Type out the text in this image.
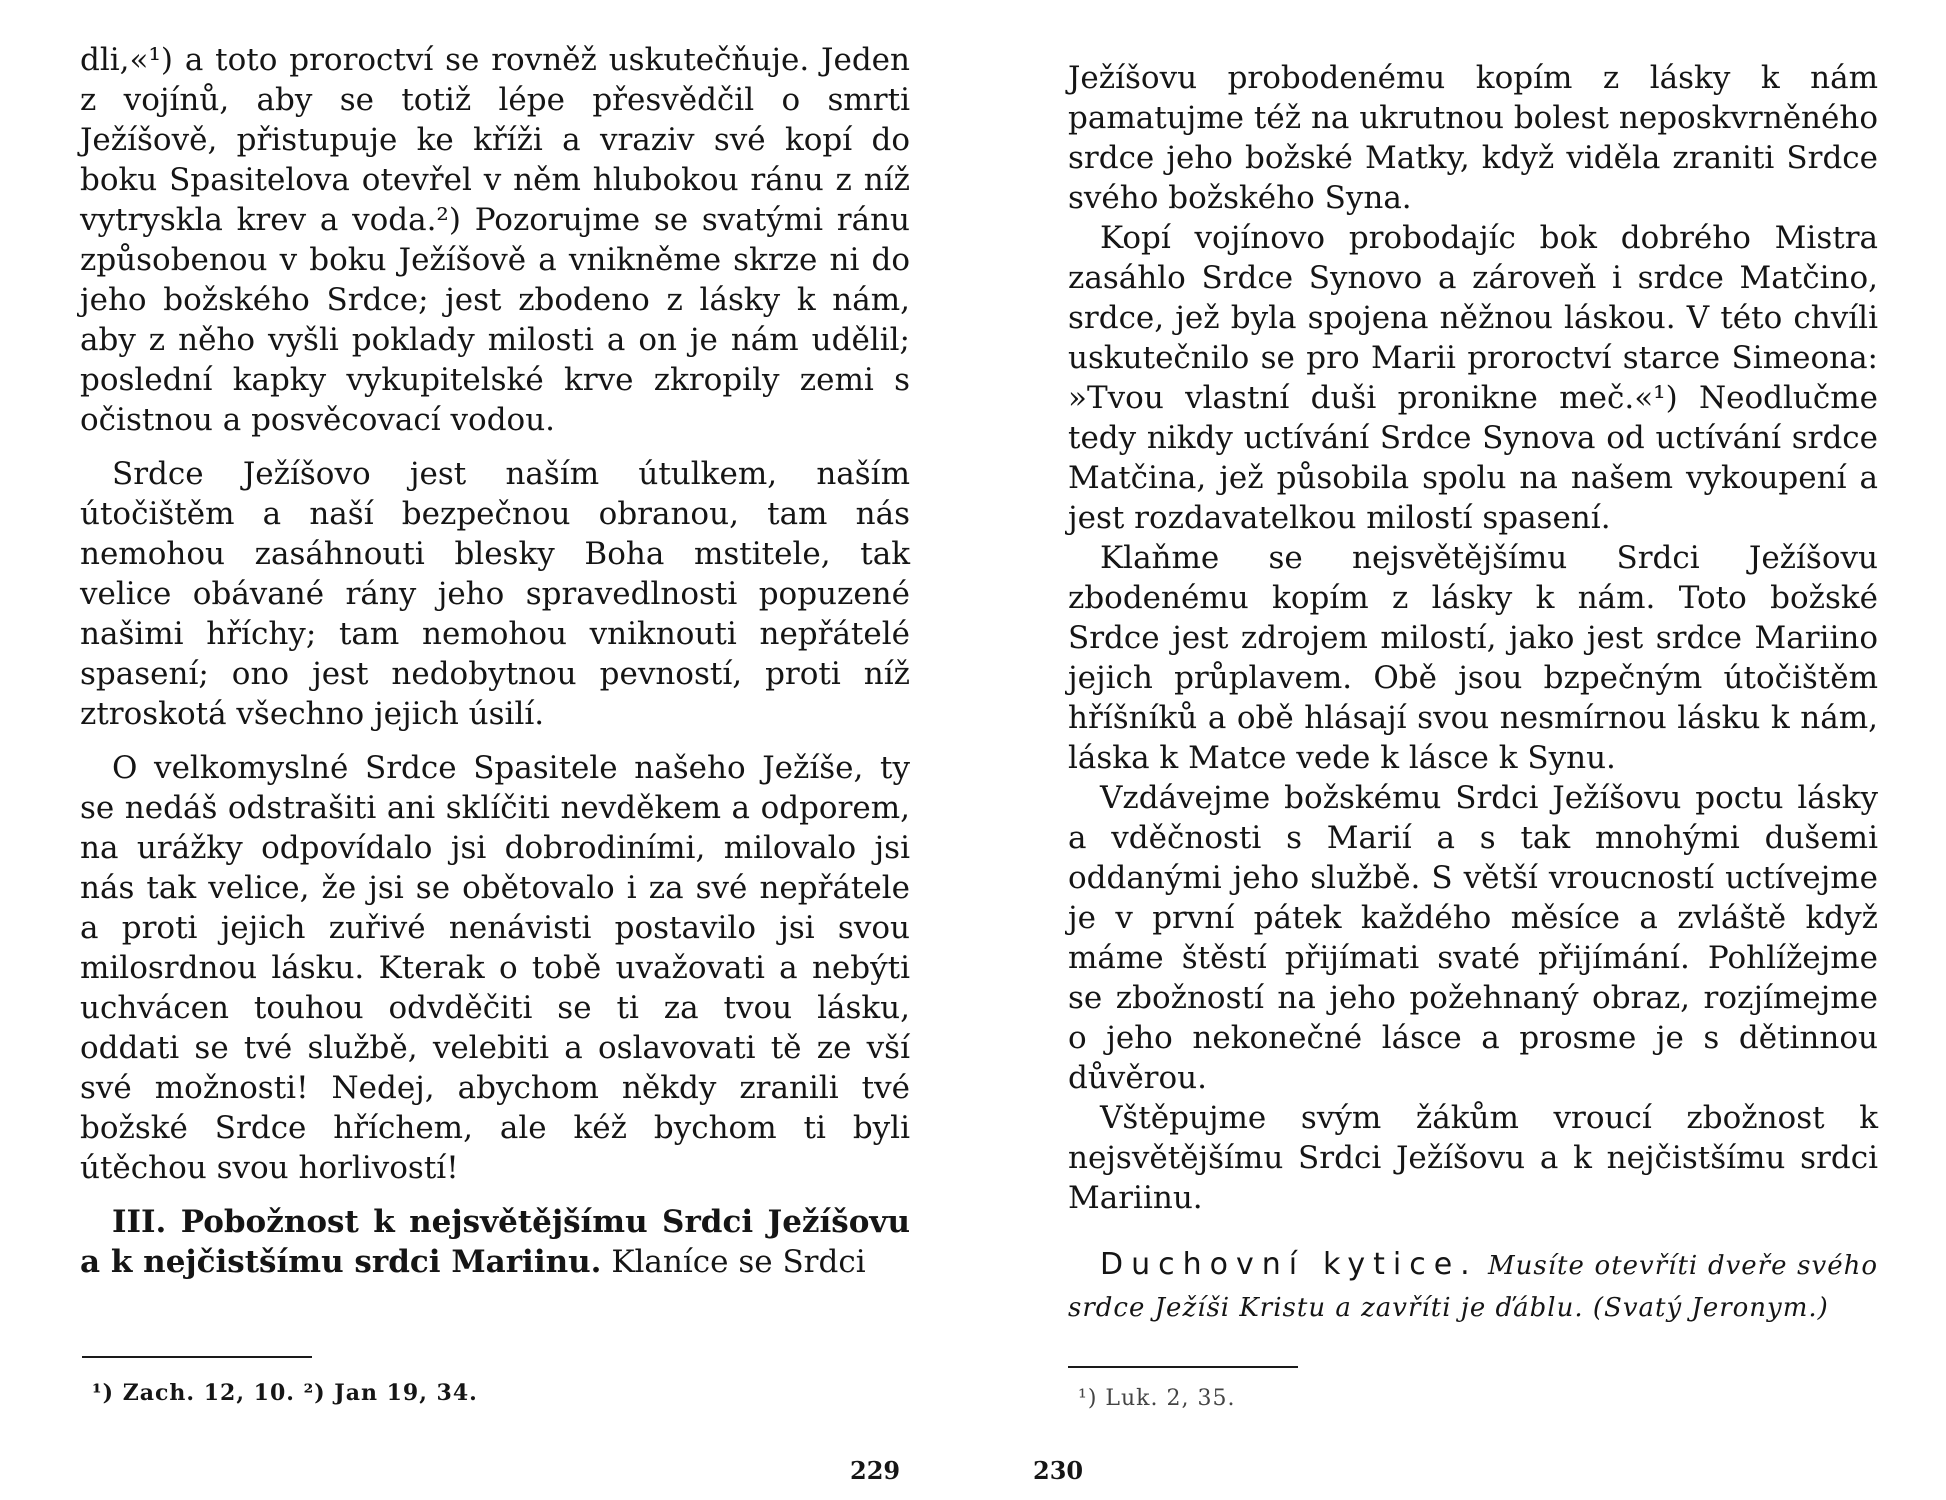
dli,«¹) a toto proroctví se rovněž uskutečňuje. Jeden z vojínů, aby se totiž lépe přesvědčil o smrti Ježíšově, přistupuje ke kříži a vraziv své kopí do boku Spasitelova otevřel v něm hlubokou ránu z níž vytryskla krev a voda.²) Pozorujme se svatými ránu způsobenou v boku Ježíšově a vnikněme skrze ni do jeho božského Srdce; jest zbodeno z lásky k nám, aby z něho vyšli poklady milosti a on je nám udělil; poslední kapky vykupitelské krve zkropily zemi s očistnou a posvěcovací vodou.

Srdce Ježíšovo jest naším útulkem, naším útočištěm a naší bezpečnou obranou, tam nás nemohou zasáhnouti blesky Boha mstitele, tak velice obávané rány jeho spravedlnosti popuzené našimi hříchy; tam nemohou vniknouti nepřátelé spasení; ono jest nedobytnou pevností, proti níž ztroskotá všechno jejich úsilí.

O velkomyslné Srdce Spasitele našeho Ježíše, ty se nedáš odstrašiti ani sklíčiti nevděkem a odporem, na urážky odpovídalo jsi dobrodiními, milovalo jsi nás tak velice, že jsi se obětovalo i za své nepřátele a proti jejich zuřivé nenávisti postavilo jsi svou milosrdnou lásku. Kterak o tobě uvažovati a nebýti uchvácen touhou odvděčiti se ti za tvou lásku, oddati se tvé službě, velebiti a oslavovati tě ze vší své možnosti! Nedej, abychom někdy zranili tvé božské Srdce hříchem, ale kéž bychom ti byli útěchou svou horlivostí!

III. Pobožnost k nejsvětějšímu Srdci Ježíšovu a k nejčistšímu srdci Mariinu. Klaníce se Srdci

¹) Zach. 12, 10. ²) Jan 19, 34.
229

Ježíšovu probodenému kopím z lásky k nám pamatujme též na ukrutnou bolest neposkvrněného srdce jeho božské Matky, když viděla zraniti Srdce svého božského Syna.

Kopí vojínovo probodajíc bok dobrého Mistra zasáhlo Srdce Synovo a zároveň i srdce Matčino, srdce, jež byla spojena něžnou láskou. V této chvíli uskutečnilo se pro Marii proroctví starce Simeona: »Tvou vlastní duši pronikne meč.«¹) Neodlučme tedy nikdy uctívání Srdce Synova od uctívání srdce Matčina, jež působila spolu na našem vykoupení a jest rozdavatelkou milostí spasení.

Klaňme se nejsvětějšímu Srdci Ježíšovu zbodenému kopím z lásky k nám. Toto božské Srdce jest zdrojem milostí, jako jest srdce Mariino jejich průplavem. Obě jsou bzpečným útočištěm hříšníků a obě hlásají svou nesmírnou lásku k nám, láska k Matce vede k lásce k Synu.

Vzdávejme božskému Srdci Ježíšovu poctu lásky a vděčnosti s Marií a s tak mnohými dušemi oddanými jeho službě. S větší vroucností uctívejme je v první pátek každého měsíce a zvláště když máme štěstí přijímati svaté přijímání. Pohlížejme se zbožností na jeho požehnaný obraz, rozjímejme o jeho nekonečné lásce a prosme je s dětinnou důvěrou.

Vštěpujme svým žákům vroucí zbožnost k nejsvětějšímu Srdci Ježíšovu a k nejčistšímu srdci Mariinu.

Duchovní kytice. Musíte otevříti dveře svého srdce Ježíši Kristu a zavříti je ďáblu. (Svatý Jeronym.)

¹) Luk. 2, 35.
230
